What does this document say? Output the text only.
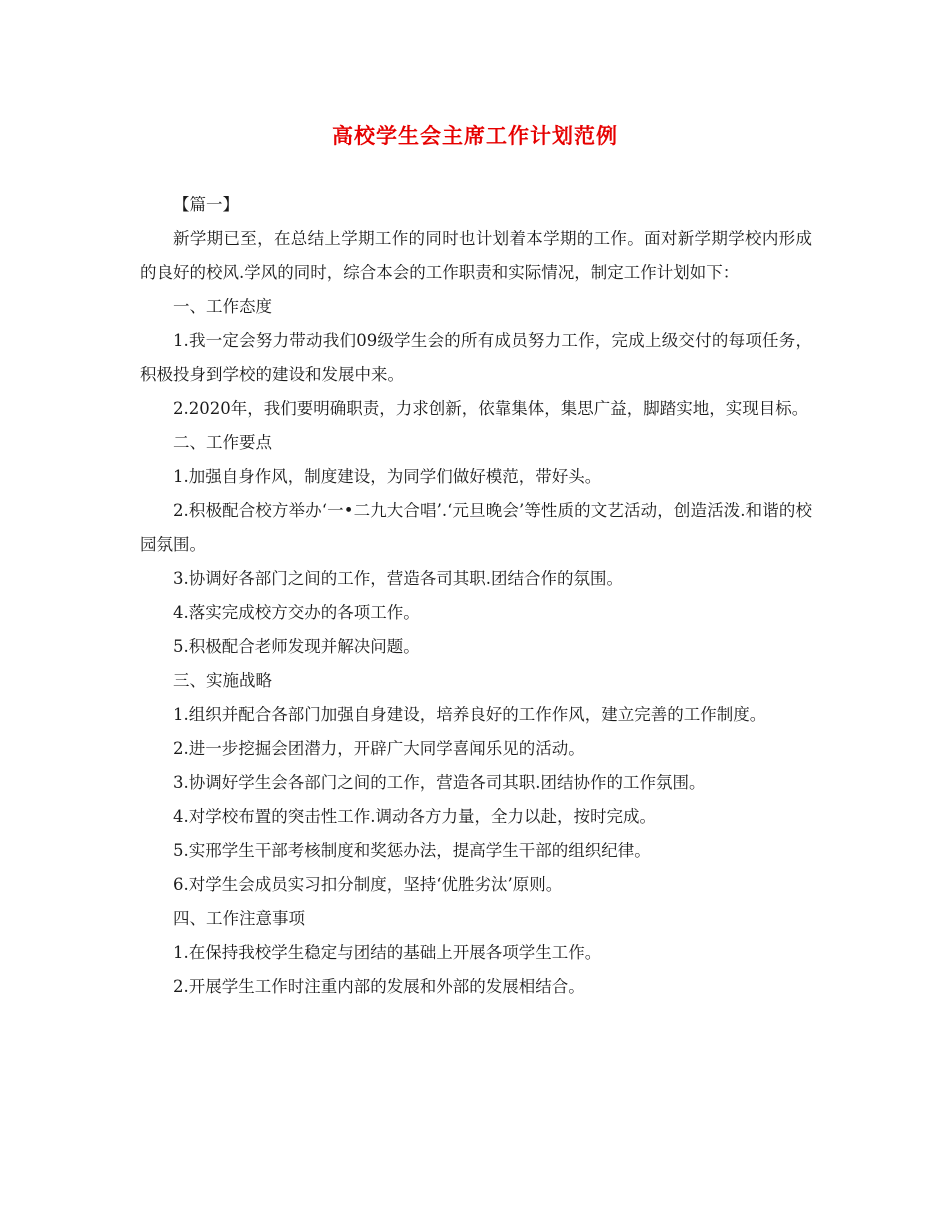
高校学生会主席工作计划范例

【篇一】

新学期已至，在总结上学期工作的同时也计划着本学期的工作。面对新学期学校内形成的良好的校风.学风的同时，综合本会的工作职责和实际情况，制定工作计划如下：

一、工作态度

1.我一定会努力带动我们09级学生会的所有成员努力工作，完成上级交付的每项任务，积极投身到学校的建设和发展中来。

2.2020年，我们要明确职责，力求创新，依靠集体，集思广益，脚踏实地，实现目标。

二、工作要点

1.加强自身作风，制度建设，为同学们做好模范，带好头。

2.积极配合校方举办‘一•二九大合唱’.‘元旦晚会’等性质的文艺活动，创造活泼.和谐的校园氛围。

3.协调好各部门之间的工作，营造各司其职.团结合作的氛围。

4.落实完成校方交办的各项工作。

5.积极配合老师发现并解决问题。

三、实施战略

1.组织并配合各部门加强自身建设，培养良好的工作作风，建立完善的工作制度。

2.进一步挖掘会团潜力，开辟广大同学喜闻乐见的活动。

3.协调好学生会各部门之间的工作，营造各司其职.团结协作的工作氛围。

4.对学校布置的突击性工作.调动各方力量，全力以赴，按时完成。

5.实邢学生干部考核制度和奖惩办法，提高学生干部的组织纪律。

6.对学生会成员实习扣分制度，坚持‘优胜劣汰’原则。

四、工作注意事项

1.在保持我校学生稳定与团结的基础上开展各项学生工作。

2.开展学生工作时注重内部的发展和外部的发展相结合。
